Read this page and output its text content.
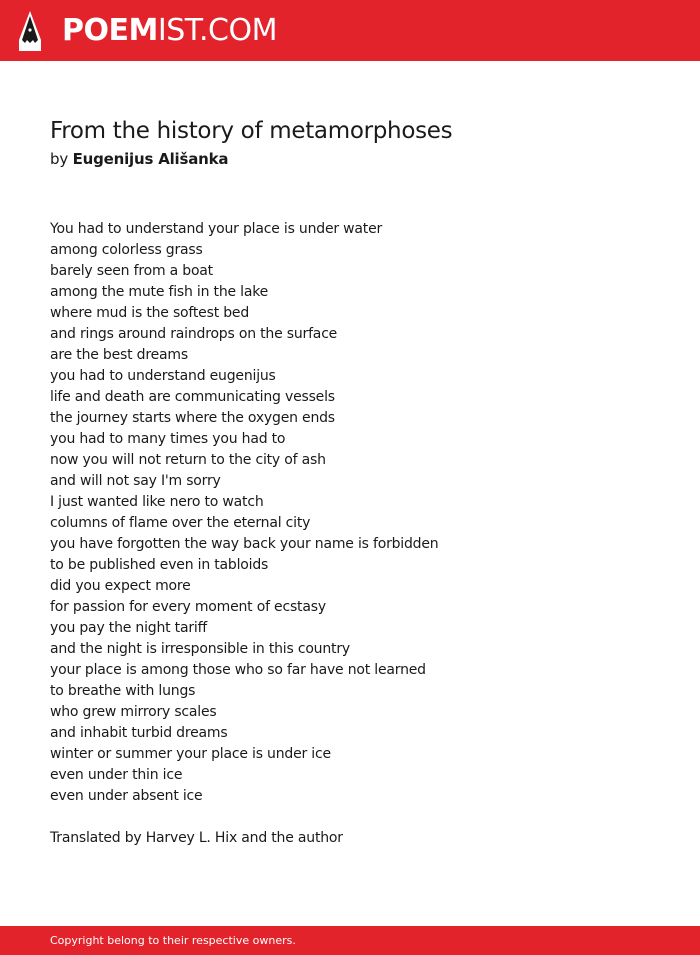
POEMIST.COM
From the history of metamorphoses
by Eugenijus Ališanka
You had to understand your place is under water
among colorless grass
barely seen from a boat
among the mute fish in the lake
where mud is the softest bed
and rings around raindrops on the surface
are the best dreams
you had to understand eugenijus
life and death are communicating vessels
the journey starts where the oxygen ends
you had to many times you had to
now you will not return to the city of ash
and will not say I'm sorry
I just wanted like nero to watch
columns of flame over the eternal city
you have forgotten the way back your name is forbidden
to be published even in tabloids
did you expect more
for passion for every moment of ecstasy
you pay the night tariff
and the night is irresponsible in this country
your place is among those who so far have not learned
to breathe with lungs
who grew mirrory scales
and inhabit turbid dreams
winter or summer your place is under ice
even under thin ice
even under absent ice
Translated by Harvey L. Hix and the author
Copyright belong to their respective owners.
